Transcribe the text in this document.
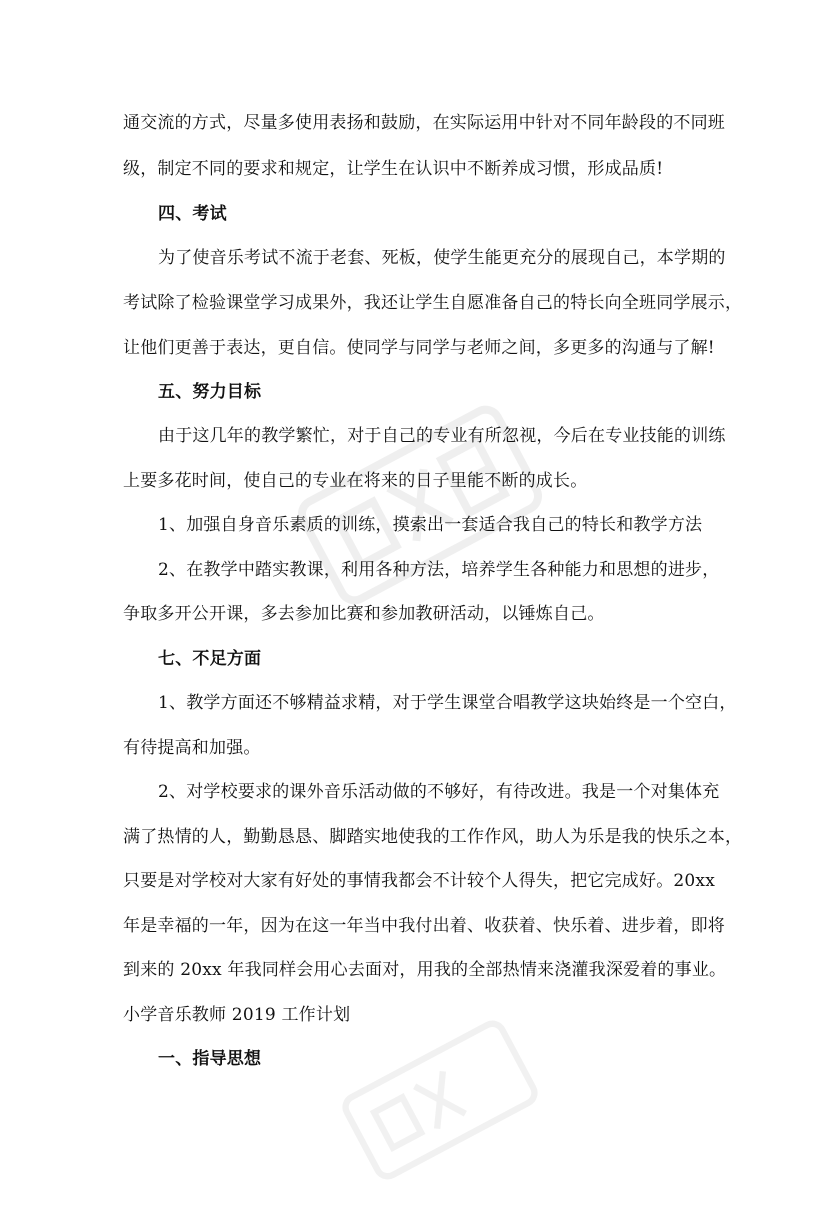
通交流的方式，尽量多使用表扬和鼓励，在实际运用中针对不同年龄段的不同班
级，制定不同的要求和规定，让学生在认识中不断养成习惯，形成品质!
四、考试
为了使音乐考试不流于老套、死板，使学生能更充分的展现自己，本学期的
考试除了检验课堂学习成果外，我还让学生自愿准备自己的特长向全班同学展示，
让他们更善于表达，更自信。使同学与同学与老师之间，多更多的沟通与了解!
五、努力目标
由于这几年的教学繁忙，对于自己的专业有所忽视，今后在专业技能的训练
上要多花时间，使自己的专业在将来的日子里能不断的成长。
1、加强自身音乐素质的训练，摸索出一套适合我自己的特长和教学方法
2、在教学中踏实教课，利用各种方法，培养学生各种能力和思想的进步，
争取多开公开课，多去参加比赛和参加教研活动，以锤炼自己。
七、不足方面
1、教学方面还不够精益求精，对于学生课堂合唱教学这块始终是一个空白，
有待提高和加强。
2、对学校要求的课外音乐活动做的不够好，有待改进。我是一个对集体充
满了热情的人，勤勤恳恳、脚踏实地使我的工作作风，助人为乐是我的快乐之本，
只要是对学校对大家有好处的事情我都会不计较个人得失，把它完成好。20xx
年是幸福的一年，因为在这一年当中我付出着、收获着、快乐着、进步着，即将
到来的 20xx 年我同样会用心去面对，用我的全部热情来浇灌我深爱着的事业。
小学音乐教师 2019 工作计划
一、指导思想
